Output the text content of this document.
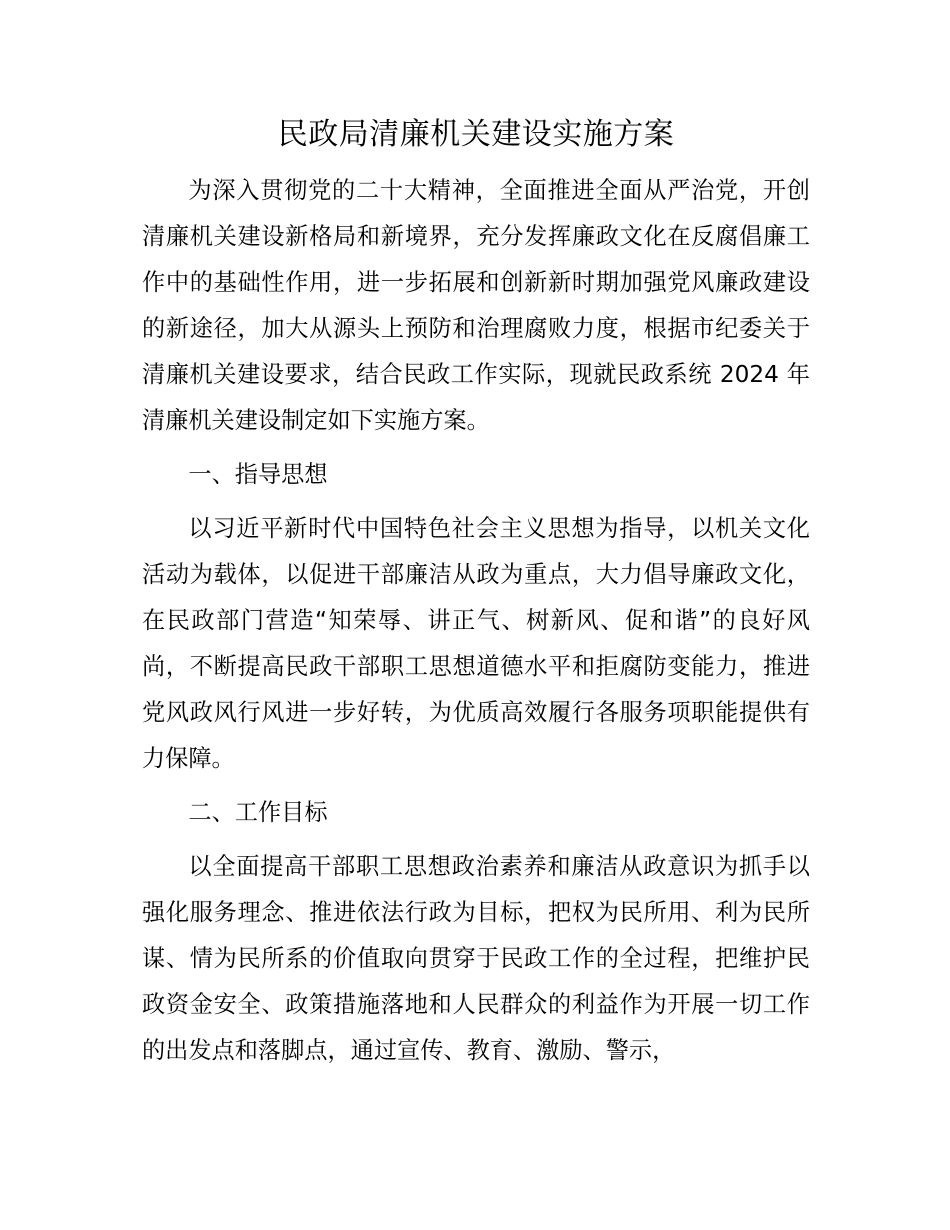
民政局清廉机关建设实施方案

为深入贯彻党的二十大精神，全面推进全面从严治党，开创清廉机关建设新格局和新境界，充分发挥廉政文化在反腐倡廉工作中的基础性作用，进一步拓展和创新新时期加强党风廉政建设的新途径，加大从源头上预防和治理腐败力度，根据市纪委关于清廉机关建设要求，结合民政工作实际，现就民政系统 2024 年清廉机关建设制定如下实施方案。

一、指导思想

以习近平新时代中国特色社会主义思想为指导，以机关文化活动为载体，以促进干部廉洁从政为重点，大力倡导廉政文化，在民政部门营造“知荣辱、讲正气、树新风、促和谐”的良好风尚，不断提高民政干部职工思想道德水平和拒腐防变能力，推进党风政风行风进一步好转，为优质高效履行各服务项职能提供有力保障。

二、工作目标

以全面提高干部职工思想政治素养和廉洁从政意识为抓手以强化服务理念、推进依法行政为目标，把权为民所用、利为民所谋、情为民所系的价值取向贯穿于民政工作的全过程，把维护民政资金安全、政策措施落地和人民群众的利益作为开展一切工作的出发点和落脚点，通过宣传、教育、激励、警示，
